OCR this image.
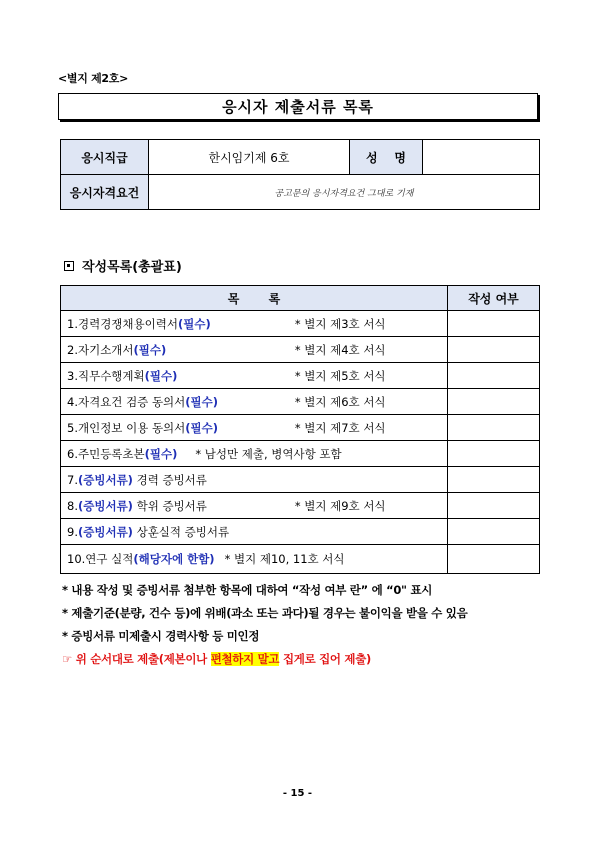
<별지 제2호>
응시자 제출서류 목록
응시직급	한시임기제 6호	성    명	
응시자격요건	공고문의 응시자격요건 그대로 기재		
작성목록(총괄표)
목       록	작성 여부
1.경력경쟁채용이력서(필수) * 별지 제3호 서식	
2.자기소개서(필수) * 별지 제4호 서식	
3.직무수행계획(필수) * 별지 제5호 서식	
4.자격요건 검증 동의서(필수) * 별지 제6호 서식	
5.개인정보 이용 동의서(필수) * 별지 제7호 서식	
6.주민등록초본(필수) * 남성만 제출, 병역사항 포함	
7.(증빙서류) 경력 증빙서류	
8.(증빙서류) 학위 증빙서류 * 별지 제9호 서식	
9.(증빙서류) 상훈실적 증빙서류	
10.연구 실적(해당자에 한함) * 별지 제10, 11호 서식	
* 내용 작성 및 증빙서류 첨부한 항목에 대하여 “작성 여부 란” 에 “0" 표시
* 제출기준(분량, 건수 등)에 위배(과소 또는 과다)될 경우는 불이익을 받을 수 있음
* 증빙서류 미제출시 경력사항 등 미인정
☞ 위 순서대로 제출(제본이나 편철하지 말고 집게로 집어 제출)
- 15 -
